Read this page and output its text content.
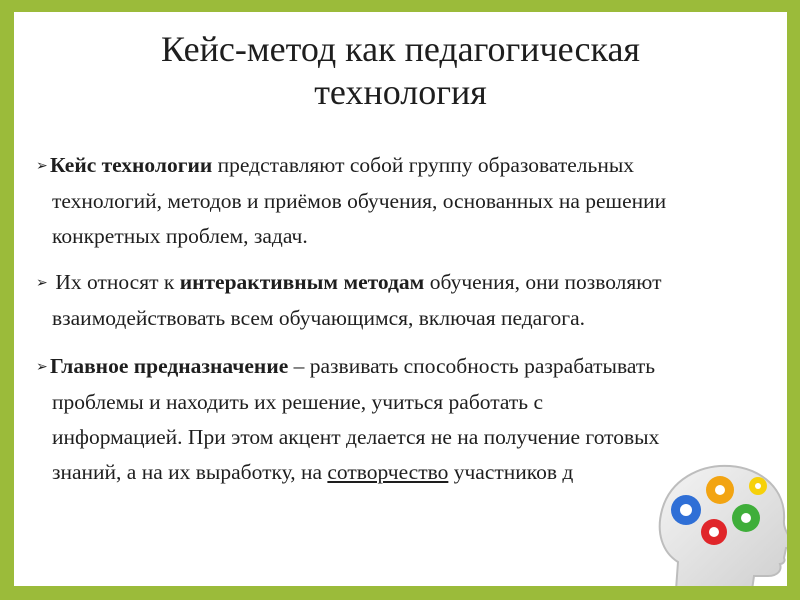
Кейс-метод как педагогическая
технология
➢ Кейс технологии представляют собой группу образовательных
технологий, методов и приёмов обучения, основанных на решении
конкретных проблем, задач.
➢ Их относят к интерактивным методам обучения, они позволяют
взаимодействовать всем обучающимся, включая педагога.
➢ Главное предназначение – развивать способность разрабатывать
проблемы и находить их решение, учиться работать с
информацией. При этом акцент делается не на получение готовых
знаний, а на их выработку, на сотворчество участников д
